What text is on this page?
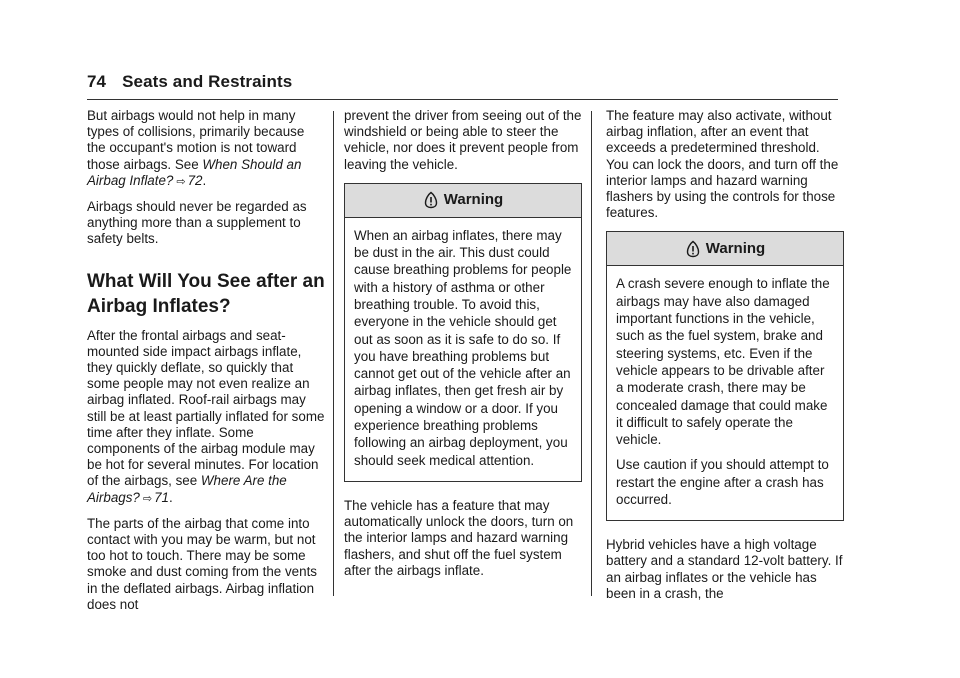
74 Seats and Restraints

But airbags would not help in many types of collisions, primarily because the occupant's motion is not toward those airbags. See When Should an Airbag Inflate? ⇨ 72.

Airbags should never be regarded as anything more than a supplement to safety belts.

What Will You See after an Airbag Inflates?

After the frontal airbags and seat-mounted side impact airbags inflate, they quickly deflate, so quickly that some people may not even realize an airbag inflated. Roof-rail airbags may still be at least partially inflated for some time after they inflate. Some components of the airbag module may be hot for several minutes. For location of the airbags, see Where Are the Airbags? ⇨ 71.

The parts of the airbag that come into contact with you may be warm, but not too hot to touch. There may be some smoke and dust coming from the vents in the deflated airbags. Airbag inflation does not

prevent the driver from seeing out of the windshield or being able to steer the vehicle, nor does it prevent people from leaving the vehicle.

Warning

When an airbag inflates, there may be dust in the air. This dust could cause breathing problems for people with a history of asthma or other breathing trouble. To avoid this, everyone in the vehicle should get out as soon as it is safe to do so. If you have breathing problems but cannot get out of the vehicle after an airbag inflates, then get fresh air by opening a window or a door. If you experience breathing problems following an airbag deployment, you should seek medical attention.

The vehicle has a feature that may automatically unlock the doors, turn on the interior lamps and hazard warning flashers, and shut off the fuel system after the airbags inflate.

The feature may also activate, without airbag inflation, after an event that exceeds a predetermined threshold. You can lock the doors, and turn off the interior lamps and hazard warning flashers by using the controls for those features.

Warning

A crash severe enough to inflate the airbags may have also damaged important functions in the vehicle, such as the fuel system, brake and steering systems, etc. Even if the vehicle appears to be drivable after a moderate crash, there may be concealed damage that could make it difficult to safely operate the vehicle.

Use caution if you should attempt to restart the engine after a crash has occurred.

Hybrid vehicles have a high voltage battery and a standard 12-volt battery. If an airbag inflates or the vehicle has been in a crash, the
